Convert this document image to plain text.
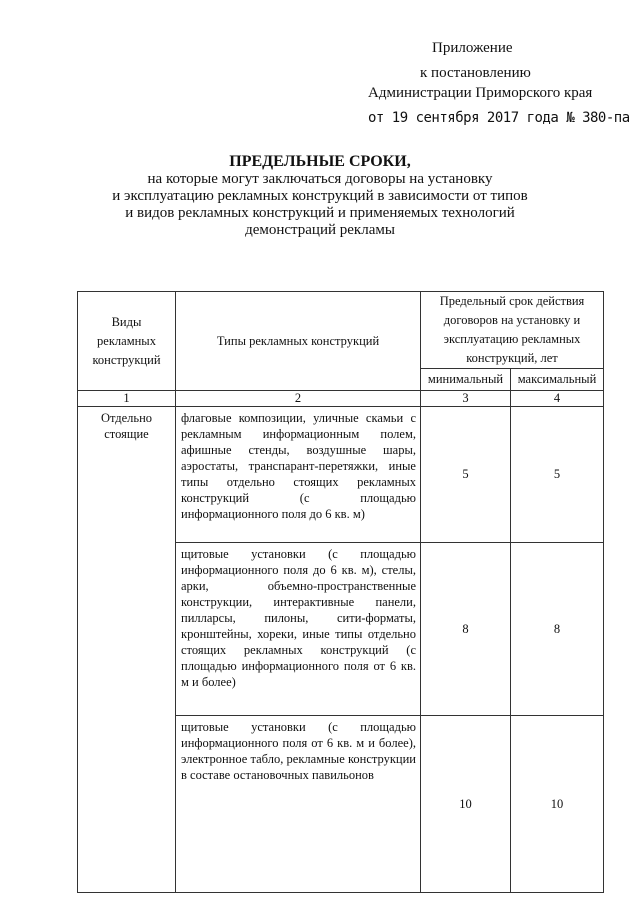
Приложение
к постановлению
Администрации Приморского края
от 19 сентября 2017 года № 380-па
ПРЕДЕЛЬНЫЕ СРОКИ,
на которые могут заключаться договоры на установку
и эксплуатацию рекламных конструкций в зависимости от типов
и видов рекламных конструкций и применяемых технологий
демонстраций рекламы
Виды рекламных конструкций	Типы рекламных конструкций	Предельный срок действия договоров на установку и эксплуатацию рекламных конструкций, лет	
		минимальный	максимальный
1	2	3	4
Отдельно стоящие	флаговые композиции, уличные скамьи с рекламным информационным полем, афишные стенды, воздушные шары, аэростаты, транспарант-перетяжки, иные типы отдельно стоящих рекламных конструкций (с площадью информационного поля до 6 кв. м)	5	5
	щитовые установки (с площадью информационного поля до 6 кв. м), стелы, арки, объемно-пространственные конструкции, интерактивные панели, пилларсы, пилоны, сити-форматы, кронштейны, хореки, иные типы отдельно стоящих рекламных конструкций (с площадью информационного поля от 6 кв. м и более)	8	8
	щитовые установки (с площадью информационного поля от 6 кв. м и более), электронное табло, рекламные конструкции в составе остановочных павильонов	10	10
